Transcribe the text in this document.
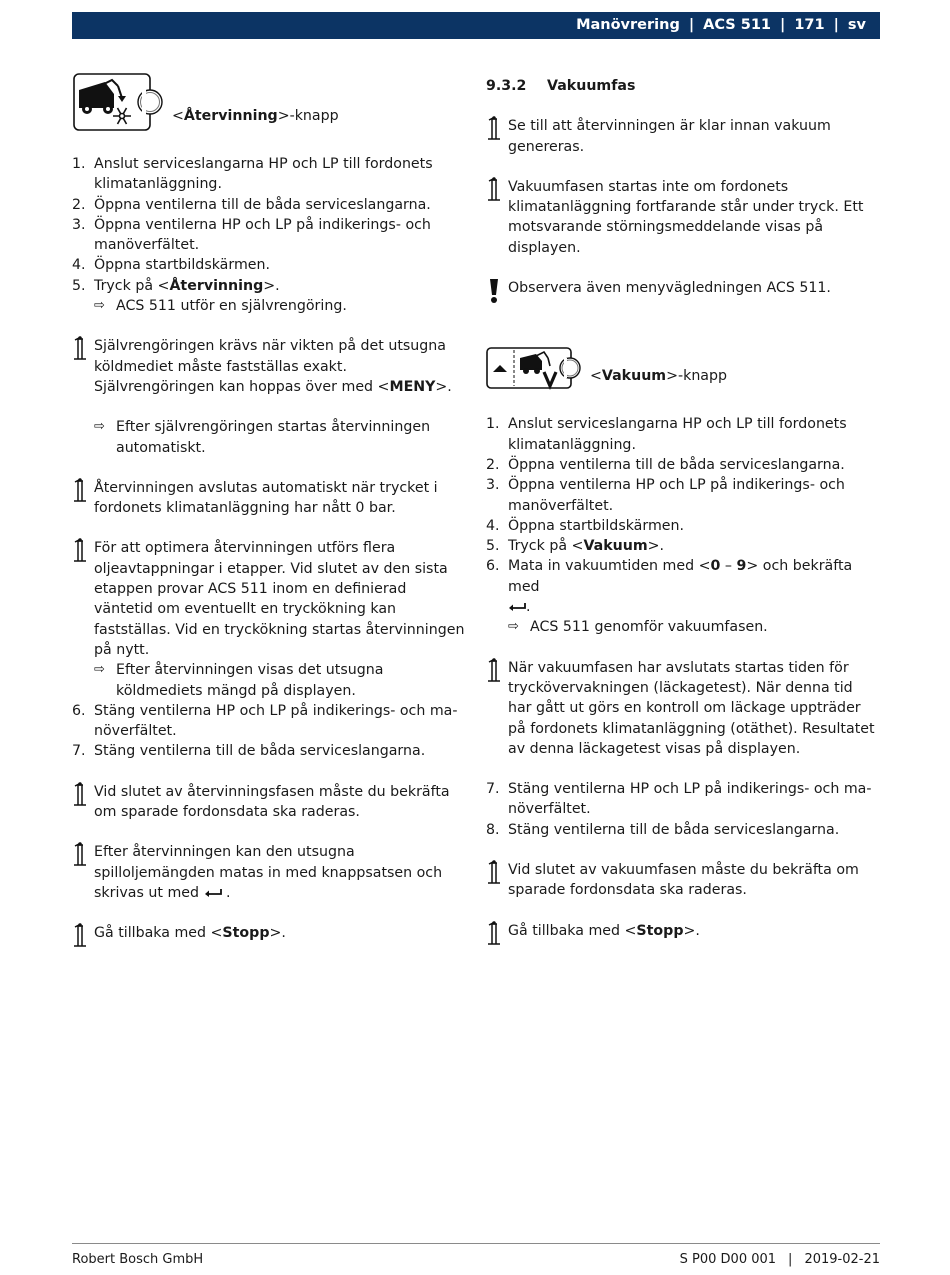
Manövrering | ACS 511 | 171 | sv
<Återvinning>-knapp
1. Anslut serviceslangarna HP och LP till fordonets klimatanläggning.
2. Öppna ventilerna till de båda serviceslangarna.
3. Öppna ventilerna HP och LP på indikerings- och manöverfältet.
4. Öppna startbildskärmen.
5. Tryck på <Återvinning>.
⇨ ACS 511 utför en självrengöring.
Självrengöringen krävs när vikten på det utsugna köldmediet måste fastställas exakt. Självrengöringen kan hoppas över med <MENY>.
⇨ Efter självrengöringen startas återvinningen automatiskt.
Återvinningen avslutas automatiskt när trycket i fordonets klimatanläggning har nått 0 bar.
För att optimera återvinningen utförs flera oljeavtappningar i etapper. Vid slutet av den sista etappen provar ACS 511 inom en definierad väntetid om eventuellt en tryckökning kan fastställas. Vid en tryckökning startas återvinningen på nytt.
⇨ Efter återvinningen visas det utsugna köldmediets mängd på displayen.
6. Stäng ventilerna HP och LP på indikerings- och ma-növerfältet.
7. Stäng ventilerna till de båda serviceslangarna.
Vid slutet av återvinningsfasen måste du bekräfta om sparade fordonsdata ska raderas.
Efter återvinningen kan den utsugna spilloljemängden matas in med knappsatsen och skrivas ut med  .
Gå tillbaka med <Stopp>.
9.3.2	Vakuumfas
Se till att återvinningen är klar innan vakuum genereras.
Vakuumfasen startas inte om fordonets klimatanläggning fortfarande står under tryck. Ett motsvarande störningsmeddelande visas på displayen.
Observera även menyvägledningen ACS 511.
<Vakuum>-knapp
1. Anslut serviceslangarna HP och LP till fordonets klimatanläggning.
2. Öppna ventilerna till de båda serviceslangarna.
3. Öppna ventilerna HP och LP på indikerings- och manöverfältet.
4. Öppna startbildskärmen.
5. Tryck på <Vakuum>.
6. Mata in vakuumtiden med <0 – 9> och bekräfta med
.
⇨ ACS 511 genomför vakuumfasen.
När vakuumfasen har avslutats startas tiden för tryckövervakningen (läckagetest). När denna tid har gått ut görs en kontroll om läckage uppträder på fordonets klimatanläggning (otäthet). Resultatet av denna läckagetest visas på displayen.
7. Stäng ventilerna HP och LP på indikerings- och ma-növerfältet.
8. Stäng ventilerna till de båda serviceslangarna.
Vid slutet av vakuumfasen måste du bekräfta om sparade fordonsdata ska raderas.
Gå tillbaka med <Stopp>.
Robert Bosch GmbH	S P00 D00 001 | 2019-02-21
